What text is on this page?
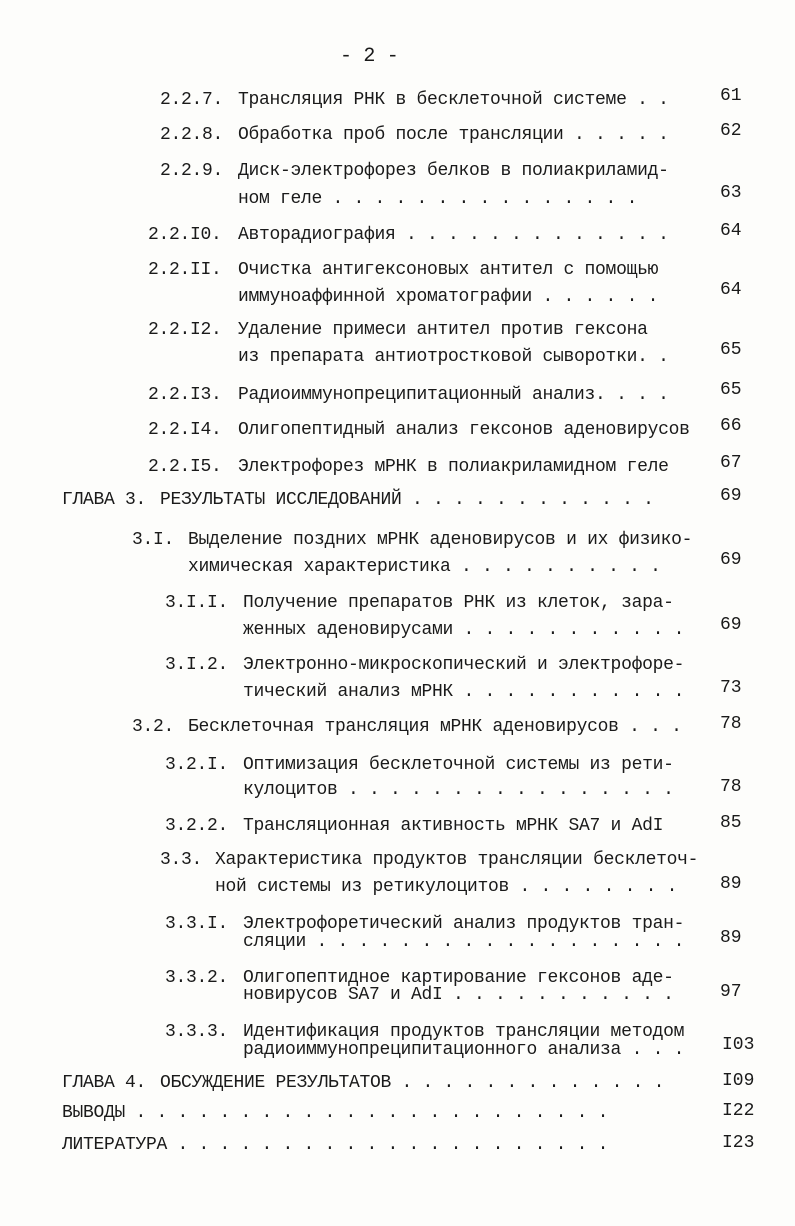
- 2 -
2.2.7. Трансляция РНК в бесклеточной системе . .	61
2.2.8. Обработка проб после трансляции . . . . .	62
2.2.9. Диск-электрофорез белков в полиакриламид-
ном геле . . . . . . . . . . . . . . .	63
2.2.I0. Авторадиография . . . . . . . . . . . . .	64
2.2.II. Очистка антигексоновых антител с помощью
иммуноаффинной хроматографии . . . . . .	64
2.2.I2. Удаление примеси антител против гексона
из препарата антиотростковой сыворотки. .	65
2.2.I3. Радиоиммунопреципитационный анализ. . . .	65
2.2.I4. Олигопептидный анализ гексонов аденовирусов 66
2.2.I5. Электрофорез мРНК в полиакриламидном геле	67
ГЛАВА 3. РЕЗУЛЬТАТЫ ИССЛЕДОВАНИЙ . . . . . . . . . . . .	69
3.I. Выделение поздних мРНК аденовирусов и их физико-
химическая характеристика . . . . . . . . . .	69
3.I.I. Получение препаратов РНК из клеток, зара-
женных аденовирусами . . . . . . . . . . . 69
3.I.2. Электронно-микроскопический и электрофоре-
тический анализ мРНК . . . . . . . . . . . 73
3.2. Бесклеточная трансляция мРНК аденовирусов . . . 78
3.2.I. Оптимизация бесклеточной системы из рети-
кулоцитов . . . . . . . . . . . . . . . .	78
3.2.2. Трансляционная активность мРНК SA7 и AdI	85
3.3. Характеристика продуктов трансляции бесклеточ-
ной системы из ретикулоцитов . . . . . . . . 89
3.3.I. Электрофоретический анализ продуктов тран-
сляции . . . . . . . . . . . . . . . . . . 89
3.3.2. Олигопептидное картирование гексонов аде-
новирусов SA7 и AdI . . . . . . . . . . .	97
3.3.3. Идентификация продуктов трансляции методом
радиоиммунопреципитационного анализа . . . I03
ГЛАВА 4. ОБСУЖДЕНИЕ РЕЗУЛЬТАТОВ . . . . . . . . . . . . .	I09
ВЫВОДЫ . . . . . . . . . . . . . . . . . . . . . . .	I22
ЛИТЕРАТУРА . . . . . . . . . . . . . . . . . . . . .	I23
